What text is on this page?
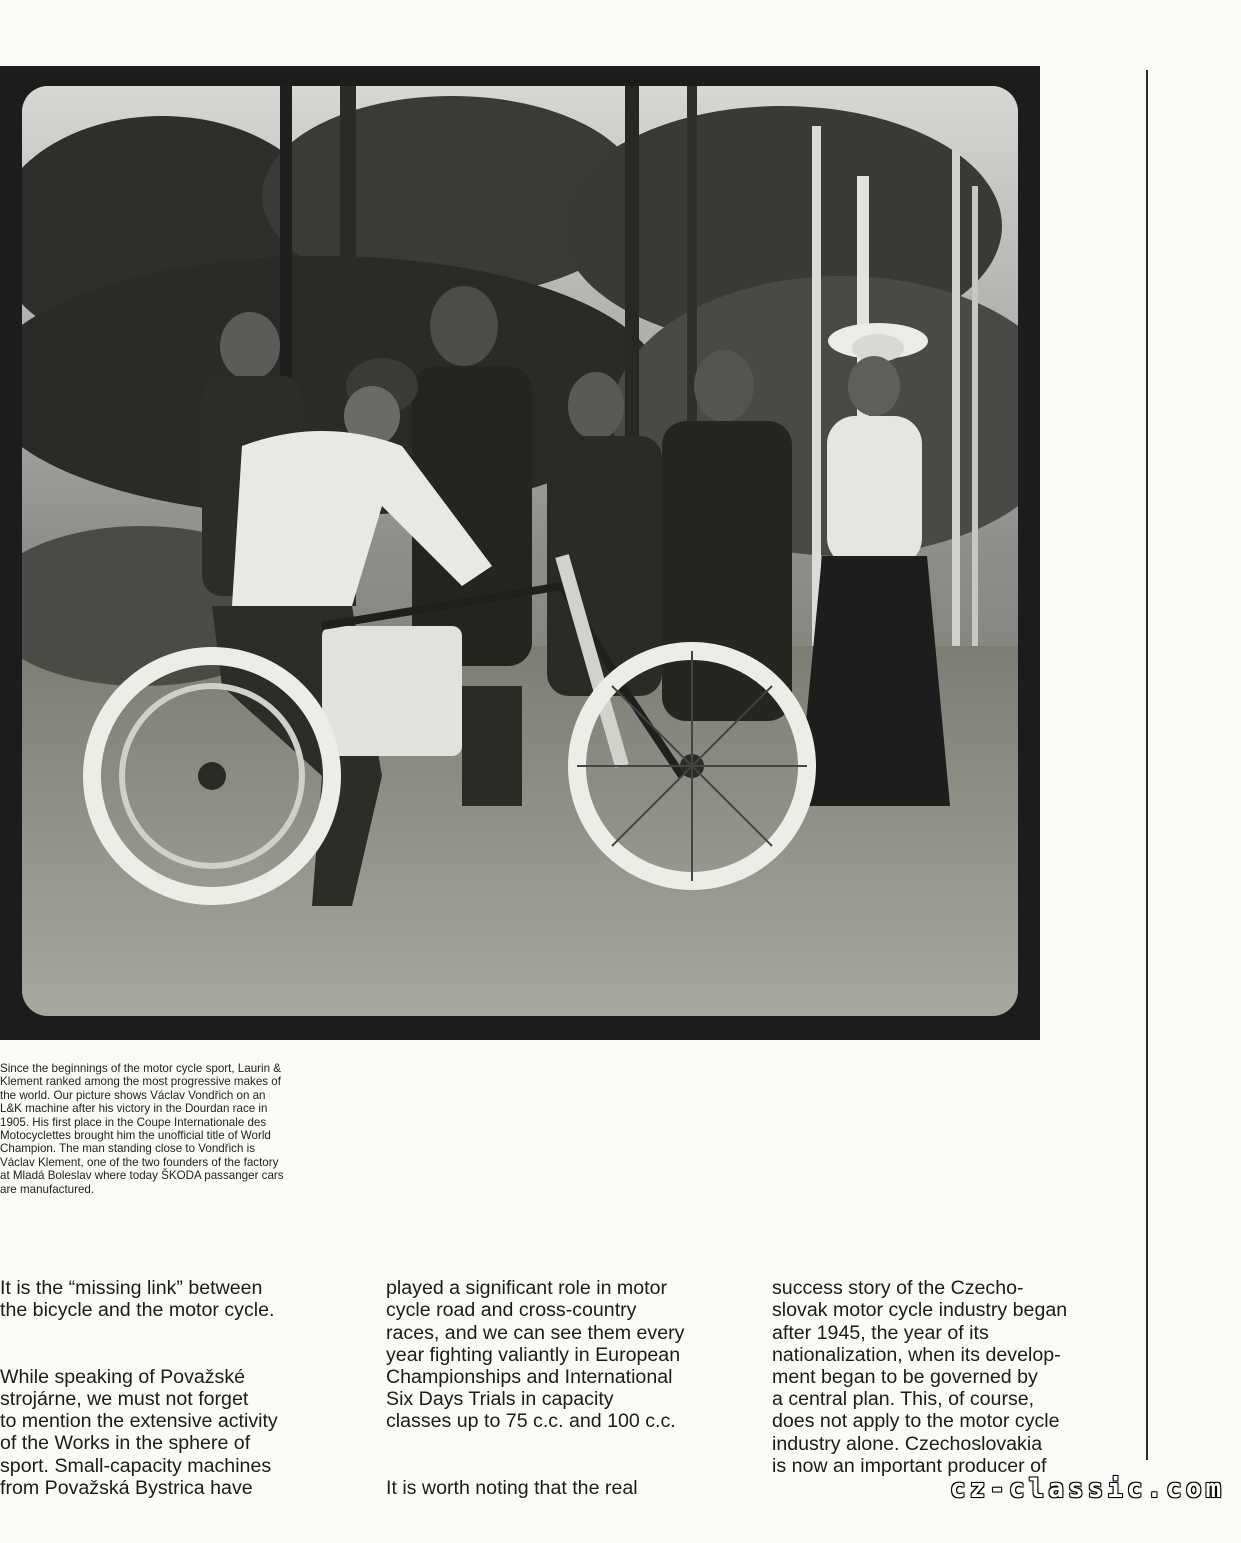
Since the beginnings of the motor cycle sport, Laurin &
Klement ranked among the most progressive makes of
the world. Our picture shows Václav Vondřich on an
L&K machine after his victory in the Dourdan race in
1905. His first place in the Coupe Internationale des
Motocyclettes brought him the unofficial title of World
Champion. The man standing close to Vondřich is
Václav Klement, one of the two founders of the factory
at Mladá Boleslav where today ŠKODA passanger cars
are manufactured.

It is the “missing link” between
the bicycle and the motor cycle.

While speaking of Považské
strojárne, we must not forget
to mention the extensive activity
of the Works in the sphere of
sport. Small-capacity machines
from Považská Bystrica have

played a significant role in motor
cycle road and cross-country
races, and we can see them every
year fighting valiantly in European
Championships and International
Six Days Trials in capacity
classes up to 75 c.c. and 100 c.c.

It is worth noting that the real

success story of the Czecho-
slovak motor cycle industry began
after 1945, the year of its
nationalization, when its develop-
ment began to be governed by
a central plan. This, of course,
does not apply to the motor cycle
industry alone. Czechoslovakia
is now an important producer of

cz-classic.com
